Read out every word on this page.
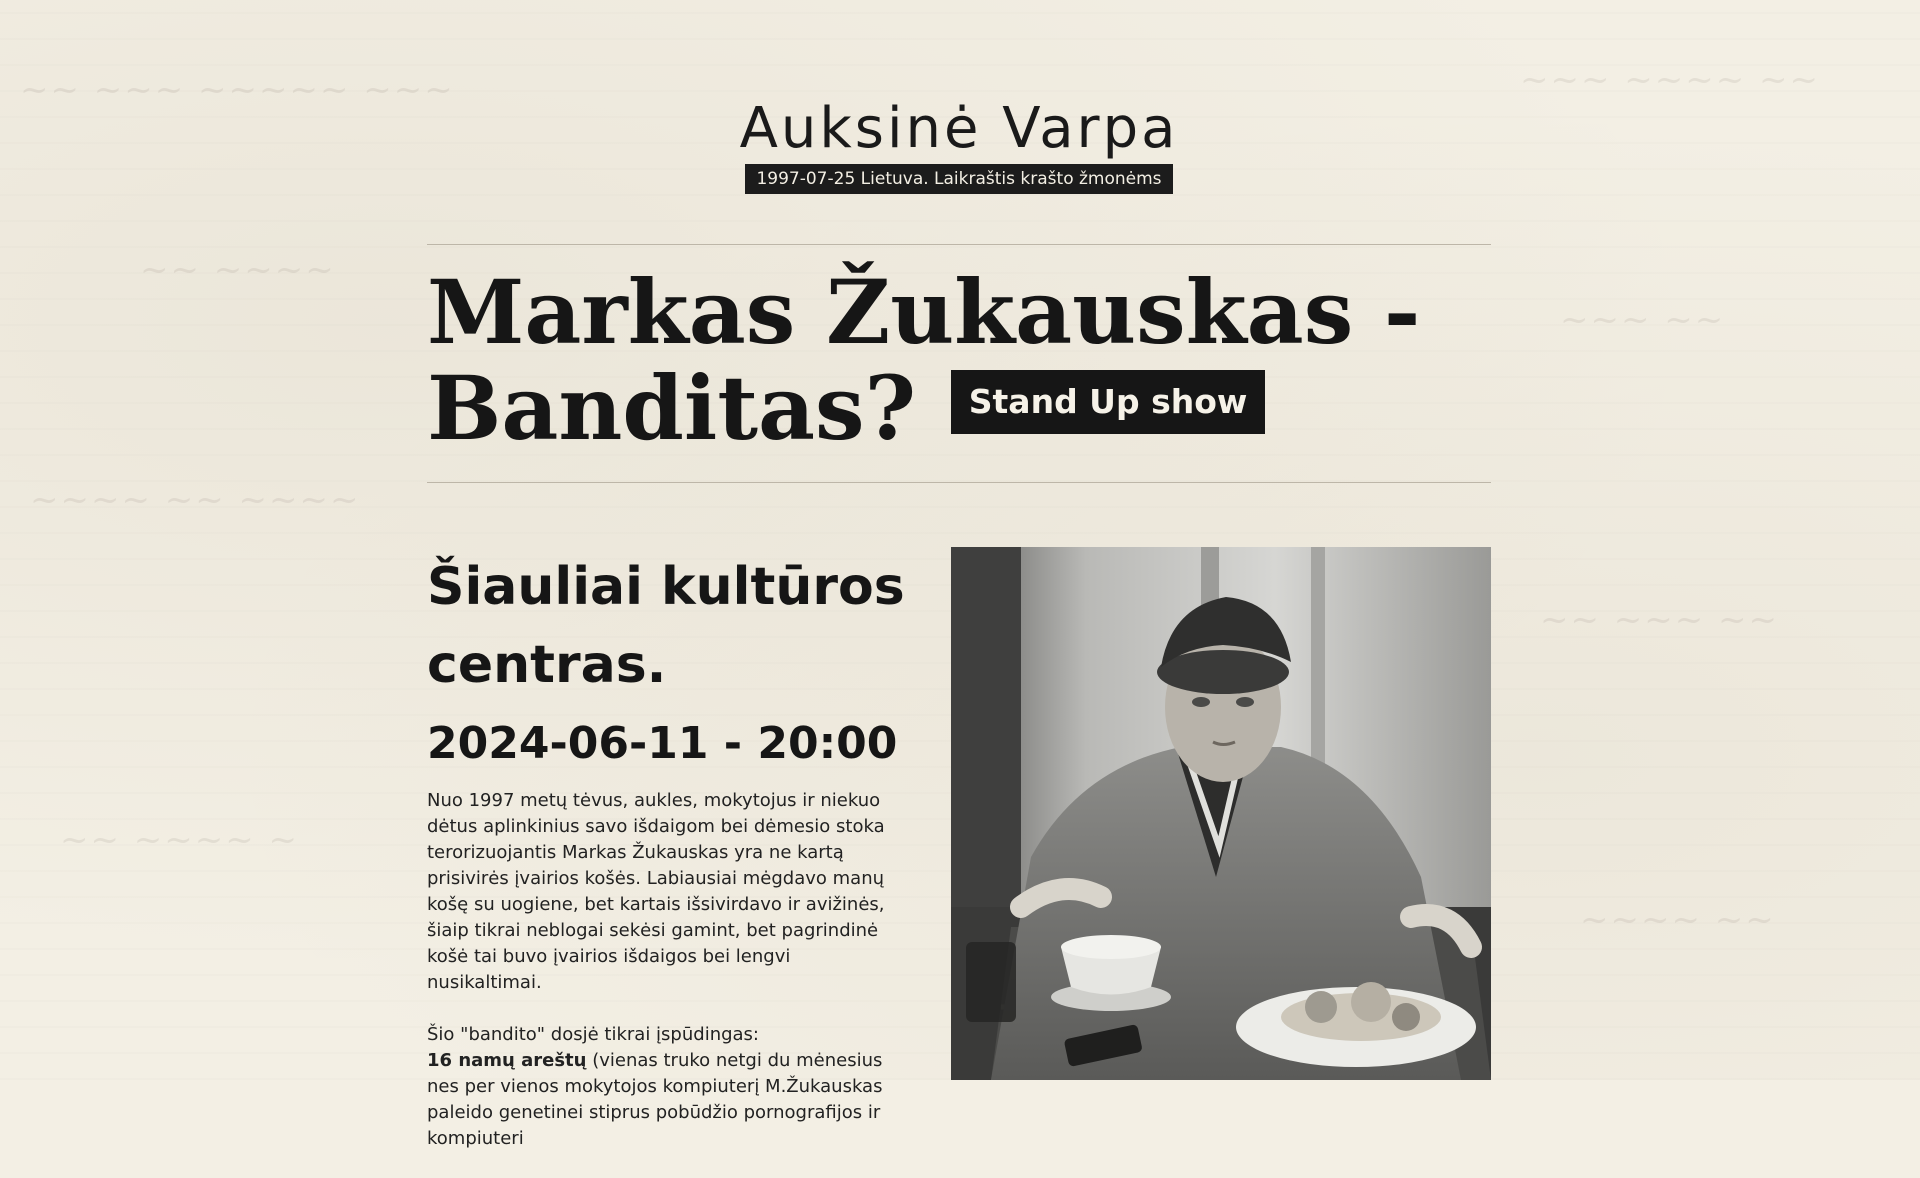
~~ ~~~ ~~~~~ ~~~	~~~ ~~~~ ~~
~~ ~~~~
~~~ ~~
~~~~ ~~ ~~~~
~~ ~~~ ~~
~~ ~~~~ ~
~~~~ ~~
Auksinė Varpa
1997-07-25 Lietuva. Laikraštis krašto žmonėms
Markas Žukauskas -
Banditas? Stand Up show
Šiauliai kultūros centras.
2024-06-11 - 20:00

Nuo 1997 metų tėvus, aukles, mokytojus ir niekuo dėtus aplinkinius savo išdaigom bei dėmesio stoka terorizuojantis Markas Žukauskas yra ne kartą prisivirės įvairios košės. Labiausiai mėgdavo manų košę su uogiene, bet kartais išsivirdavo ir avižinės, šiaip tikrai neblogai sekėsi gamint, bet pagrindinė košė tai buvo įvairios išdaigos bei lengvi nusikaltimai.

Šio "bandito" dosjė tikrai įspūdingas:
16 namų areštų (vienas truko netgi du mėnesius nes per vienos mokytojos kompiuterį M.Žukauskas paleido genetinei stiprus pobūdžio pornografijos ir kompiuteri
